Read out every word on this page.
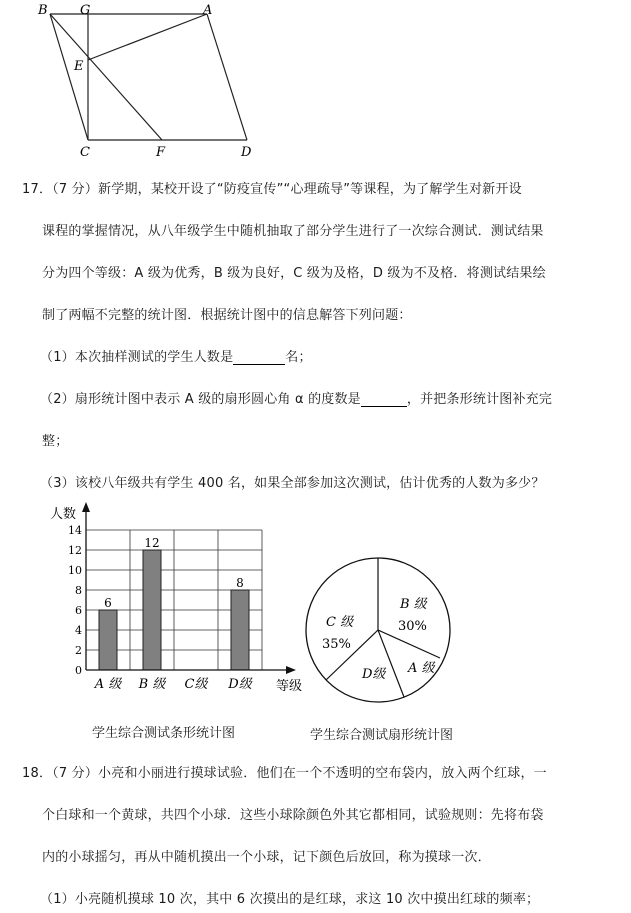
B G	A
E
C	F	D
17．（7 分）新学期，某校开设了“防疫宣传”“心理疏导”等课程，为了解学生对新开设
课程的掌握情况，从八年级学生中随机抽取了部分学生进行了一次综合测试．测试结果
分为四个等级：A 级为优秀，B 级为良好，C 级为及格，D 级为不及格．将测试结果绘
制了两幅不完整的统计图．根据统计图中的信息解答下列问题：
（1）本次抽样测试的学生人数是	名；
（2）扇形统计图中表示 A 级的扇形圆心角 α 的度数是	，并把条形统计图补充完
整；
（3）该校八年级共有学生 400 名，如果全部参加这次测试，估计优秀的人数为多少？
0
2
4
6
8
10
12
14
6
A 级
12
B 级 C级
8
D级
人数
等级
学生综合测试条形统计图
B 级
30%
A 级
D级
C 级
35%
学生综合测试扇形统计图
18．（7 分）小亮和小丽进行摸球试验．他们在一个不透明的空布袋内，放入两个红球，一
个白球和一个黄球，共四个小球．这些小球除颜色外其它都相同，试验规则：先将布袋
内的小球摇匀，再从中随机摸出一个小球，记下颜色后放回，称为摸球一次．
（1）小亮随机摸球 10 次，其中 6 次摸出的是红球，求这 10 次中摸出红球的频率；
